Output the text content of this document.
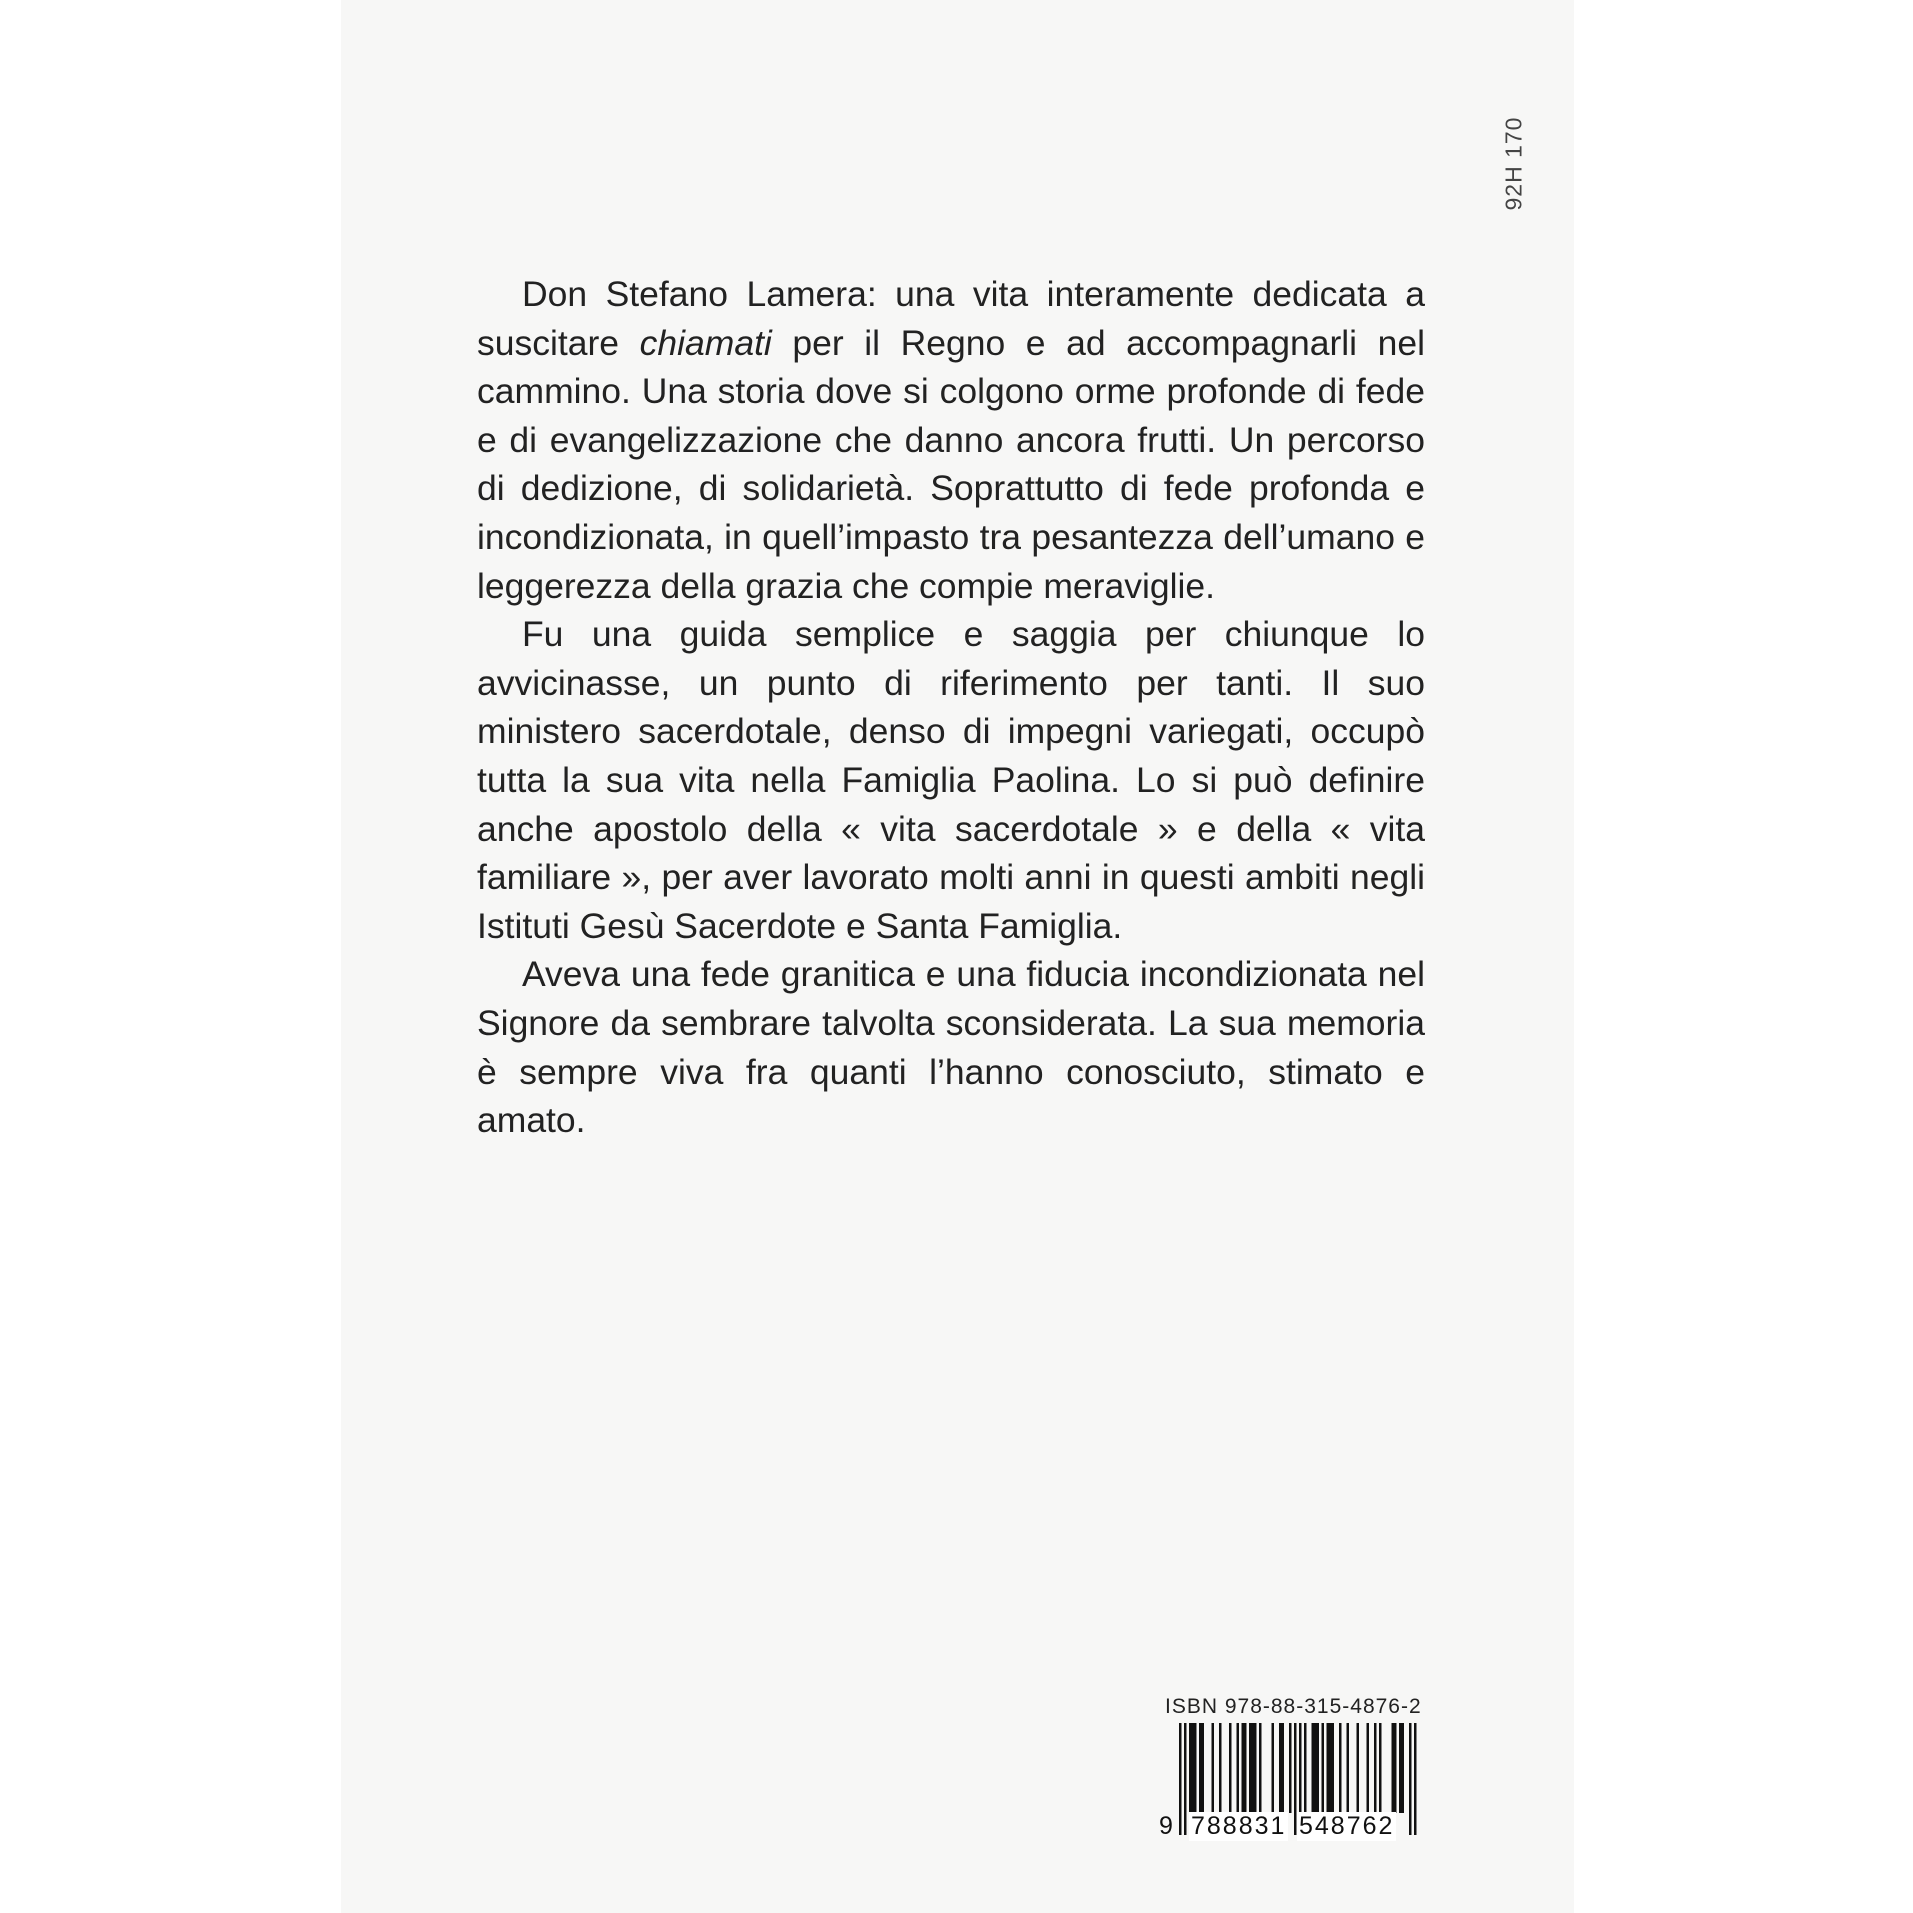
92H 170

Don Stefano Lamera: una vita interamente dedicata a suscitare chiamati per il Regno e ad accompagnarli nel cammino. Una storia dove si colgono orme profonde di fede e di evangelizzazione che danno ancora frutti. Un percorso di dedizione, di solidarietà. Soprattutto di fede profonda e incondizionata, in quell’impasto tra pesantezza dell’umano e leggerezza della grazia che compie meraviglie.

Fu una guida semplice e saggia per chiunque lo avvicinasse, un punto di riferimento per tanti. Il suo ministero sacerdotale, denso di impegni variegati, occupò tutta la sua vita nella Famiglia Paolina. Lo si può definire anche apostolo della « vita sacerdotale » e della « vita familiare », per aver lavorato molti anni in questi ambiti negli Istituti Gesù Sacerdote e Santa Famiglia.

Aveva una fede granitica e una fiducia incondizionata nel Signore da sembrare talvolta sconsiderata. La sua memoria è sempre viva fra quanti l’hanno conosciuto, stimato e amato.

ISBN 978-88-315-4876-2
9 788831 548762
